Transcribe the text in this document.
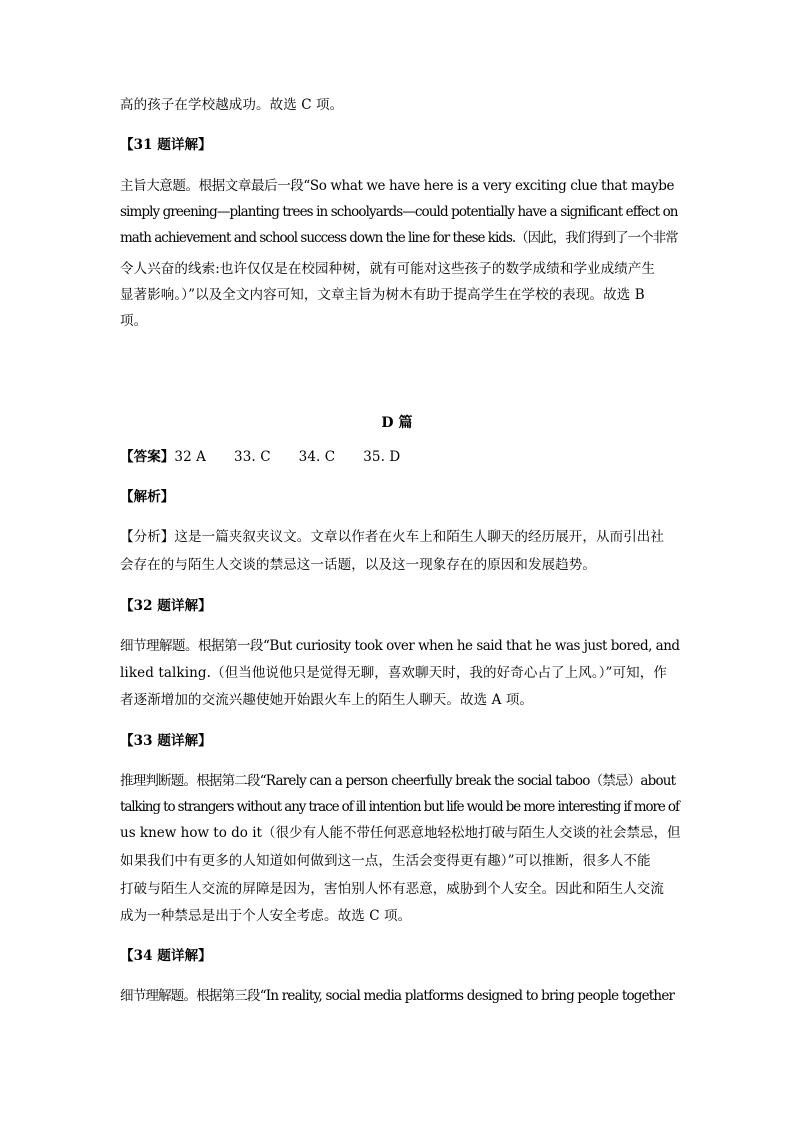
高的孩子在学校越成功。故选 C 项。
【31 题详解】
主旨大意题。根据文章最后一段“So what we have here is a very exciting clue that maybe
simply greening—planting trees in schoolyards—could potentially have a significant effect on
math achievement and school success down the line for these kids.（因此，我们得到了一个非常
令人兴奋的线索:也许仅仅是在校园种树，就有可能对这些孩子的数学成绩和学业成绩产生
显著影响。）”以及全文内容可知，文章主旨为树木有助于提高学生在学校的表现。故选 B
项。
D 篇
【答案】32 A 33. C 34. C 35. D
【解析】
【分析】这是一篇夹叙夹议文。文章以作者在火车上和陌生人聊天的经历展开，从而引出社
会存在的与陌生人交谈的禁忌这一话题，以及这一现象存在的原因和发展趋势。
【32 题详解】
细节理解题。根据第一段“But curiosity took over when he said that he was just bored, and
liked talking.（但当他说他只是觉得无聊，喜欢聊天时，我的好奇心占了上风。）”可知，作
者逐渐增加的交流兴趣使她开始跟火车上的陌生人聊天。故选 A 项。
【33 题详解】
推理判断题。根据第二段“Rarely can a person cheerfully break the social taboo（禁忌）about
talking to strangers without any trace of ill intention but life would be more interesting if more of
us knew how to do it（很少有人能不带任何恶意地轻松地打破与陌生人交谈的社会禁忌，但
如果我们中有更多的人知道如何做到这一点，生活会变得更有趣）”可以推断，很多人不能
打破与陌生人交流的屏障是因为，害怕别人怀有恶意，威胁到个人安全。因此和陌生人交流
成为一种禁忌是出于个人安全考虑。故选 C 项。
【34 题详解】
细节理解题。根据第三段“In reality, social media platforms designed to bring people together
